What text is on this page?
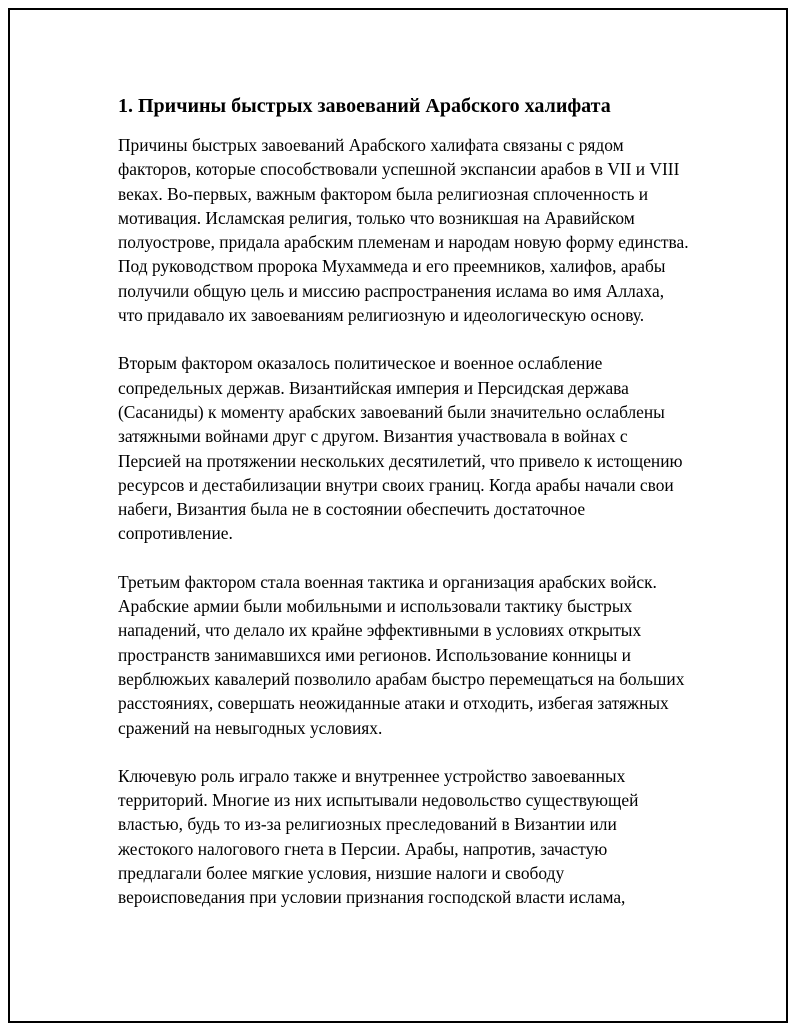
1. Причины быстрых завоеваний Арабского халифата

Причины быстрых завоеваний Арабского халифата связаны с рядом факторов, которые способствовали успешной экспансии арабов в VII и VIII веках. Во-первых, важным фактором была религиозная сплоченность и мотивация. Исламская религия, только что возникшая на Аравийском полуострове, придала арабским племенам и народам новую форму единства. Под руководством пророка Мухаммеда и его преемников, халифов, арабы получили общую цель и миссию распространения ислама во имя Аллаха, что придавало их завоеваниям религиозную и идеологическую основу.

Вторым фактором оказалось политическое и военное ослабление сопредельных держав. Византийская империя и Персидская держава (Сасаниды) к моменту арабских завоеваний были значительно ослаблены затяжными войнами друг с другом. Византия участвовала в войнах с Персией на протяжении нескольких десятилетий, что привело к истощению ресурсов и дестабилизации внутри своих границ. Когда арабы начали свои набеги, Византия была не в состоянии обеспечить достаточное сопротивление.

Третьим фактором стала военная тактика и организация арабских войск. Арабские армии были мобильными и использовали тактику быстрых нападений, что делало их крайне эффективными в условиях открытых пространств занимавшихся ими регионов. Использование конницы и верблюжьих кавалерий позволило арабам быстро перемещаться на больших расстояниях, совершать неожиданные атаки и отходить, избегая затяжных сражений на невыгодных условиях.

Ключевую роль играло также и внутреннее устройство завоеванных территорий. Многие из них испытывали недовольство существующей властью, будь то из-за религиозных преследований в Византии или жестокого налогового гнета в Персии. Арабы, напротив, зачастую предлагали более мягкие условия, низшие налоги и свободу вероисповедания при условии признания господской власти ислама,
